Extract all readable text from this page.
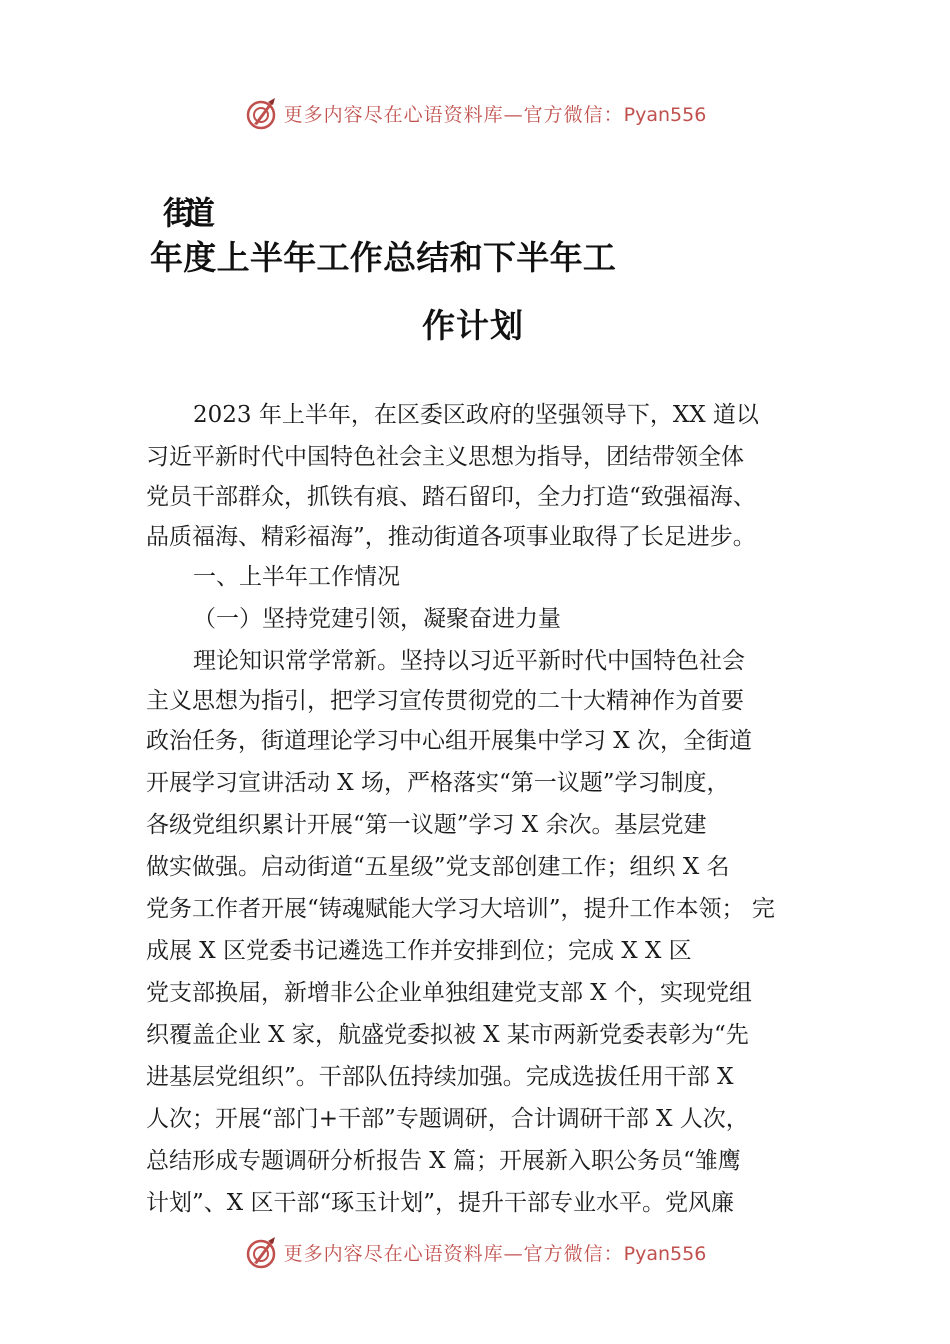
更多内容尽在心语资料库—官方微信：Pyan556
街道
年度上半年工作总结和下半年工
作计划
2023 年上半年，在区委区政府的坚强领导下，XX 道以
习近平新时代中国特色社会主义思想为指导，团结带领全体
党员干部群众，抓铁有痕、踏石留印，全力打造“致强福海、
品质福海、精彩福海”，推动街道各项事业取得了长足进步。
一、上半年工作情况
（一）坚持党建引领，凝聚奋进力量
理论知识常学常新。坚持以习近平新时代中国特色社会
主义思想为指引，把学习宣传贯彻党的二十大精神作为首要
政治任务，街道理论学习中心组开展集中学习 X 次，全街道
开展学习宣讲活动 X 场，严格落实“第一议题”学习制度，
各级党组织累计开展“第一议题”学习 X 余次。基层党建
做实做强。启动街道“五星级”党支部创建工作；组织 X 名
党务工作者开展“铸魂赋能大学习大培训”，提升工作本领； 完
成展 X 区党委书记遴选工作并安排到位；完成 X X 区
党支部换届，新增非公企业单独组建党支部 X 个，实现党组
织覆盖企业 X 家，航盛党委拟被 X 某市两新党委表彰为“先
进基层党组织”。干部队伍持续加强。完成选拔任用干部 X
人次；开展“部门+干部”专题调研，合计调研干部 X 人次，
总结形成专题调研分析报告 X 篇；开展新入职公务员“雏鹰
计划”、X 区干部“琢玉计划”，提升干部专业水平。党风廉
更多内容尽在心语资料库—官方微信：Pyan556
